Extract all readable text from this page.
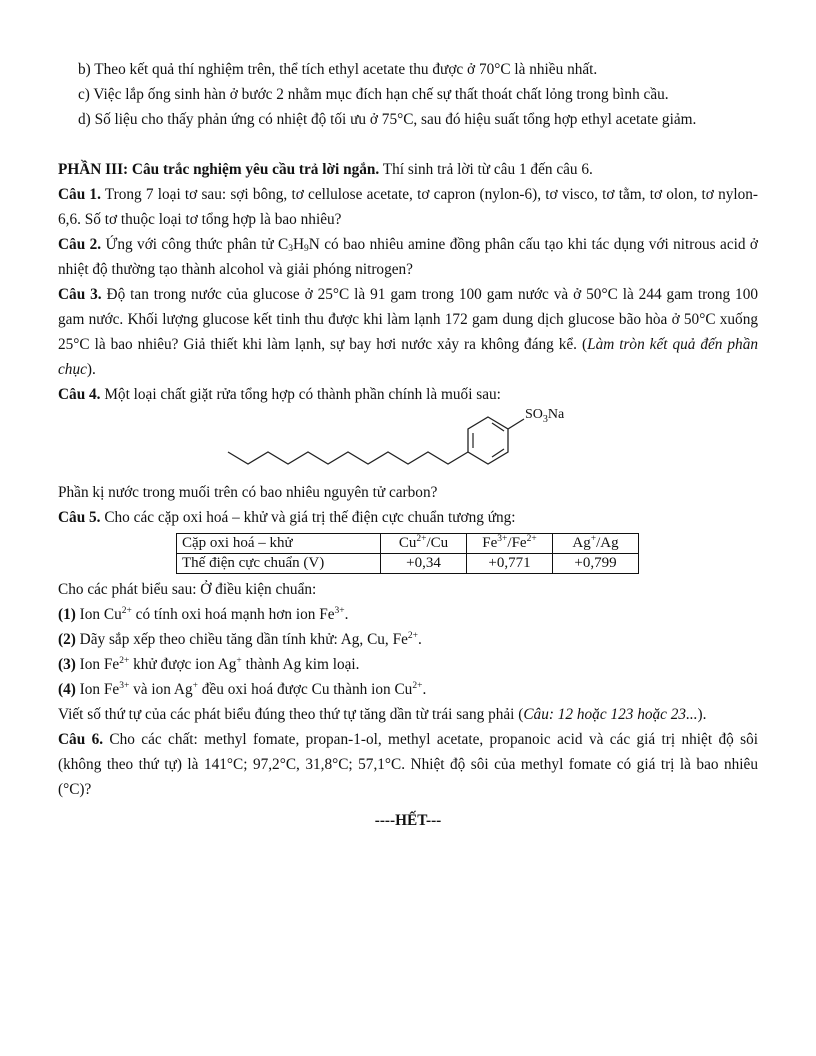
b) Theo kết quả thí nghiệm trên, thể tích ethyl acetate thu được ở 70°C là nhiều nhất.

c) Việc lắp ống sinh hàn ở bước 2 nhằm mục đích hạn chế sự thất thoát chất lỏng trong bình cầu.

d) Số liệu cho thấy phản ứng có nhiệt độ tối ưu ở 75°C, sau đó hiệu suất tổng hợp ethyl acetate giảm.

PHẦN III: Câu trắc nghiệm yêu cầu trả lời ngắn. Thí sinh trả lời từ câu 1 đến câu 6.

Câu 1. Trong 7 loại tơ sau: sợi bông, tơ cellulose acetate, tơ capron (nylon-6), tơ visco, tơ tằm, tơ olon, tơ nylon-6,6. Số tơ thuộc loại tơ tổng hợp là bao nhiêu?

Câu 2. Ứng với công thức phân tử $C_3H_9N$ có bao nhiêu amine đồng phân cấu tạo khi tác dụng với nitrous acid ở nhiệt độ thường tạo thành alcohol và giải phóng nitrogen?

Câu 3. Độ tan trong nước của glucose ở 25°C là 91 gam trong 100 gam nước và ở 50°C là 244 gam trong 100 gam nước. Khối lượng glucose kết tinh thu được khi làm lạnh 172 gam dung dịch glucose bão hòa ở 50°C xuống 25°C là bao nhiêu? Giả thiết khi làm lạnh, sự bay hơi nước xảy ra không đáng kể. (Làm tròn kết quả đến phần chục).

Câu 4. Một loại chất giặt rửa tổng hợp có thành phần chính là muối sau:

$SO_3Na$

Phần kị nước trong muối trên có bao nhiêu nguyên tử carbon?

Câu 5. Cho các cặp oxi hoá – khử và giá trị thế điện cực chuẩn tương ứng:

Cặp oxi hoá – khử	$Cu^{2+}/Cu$	$Fe^{3+}/Fe^{2+}$	Ag+/Ag
Thế điện cực chuẩn (V)	+0,34	+0,771	+0,799

Cho các phát biểu sau: Ở điều kiện chuẩn:

(1) Ion $Cu^{2+}$ có tính oxi hoá mạnh hơn ion $Fe^{3+}$.

(2) Dãy sắp xếp theo chiều tăng dần tính khử: Ag, Cu, $Fe^{2+}$.

(3) Ion $Fe^{2+}$ khử được ion Ag+ thành Ag kim loại.

(4) Ion $Fe^{3+}$ và ion Ag+ đều oxi hoá được Cu thành ion $Cu^{2+}$.

Viết số thứ tự của các phát biểu đúng theo thứ tự tăng dần từ trái sang phải (Câu: 12 hoặc 123 hoặc 23...).

Câu 6. Cho các chất: methyl fomate, propan-1-ol, methyl acetate, propanoic acid và các giá trị nhiệt độ sôi (không theo thứ tự) là 141°C; 97,2°C, 31,8°C; 57,1°C. Nhiệt độ sôi của methyl fomate có giá trị là bao nhiêu (°C)?

----HẾT---
